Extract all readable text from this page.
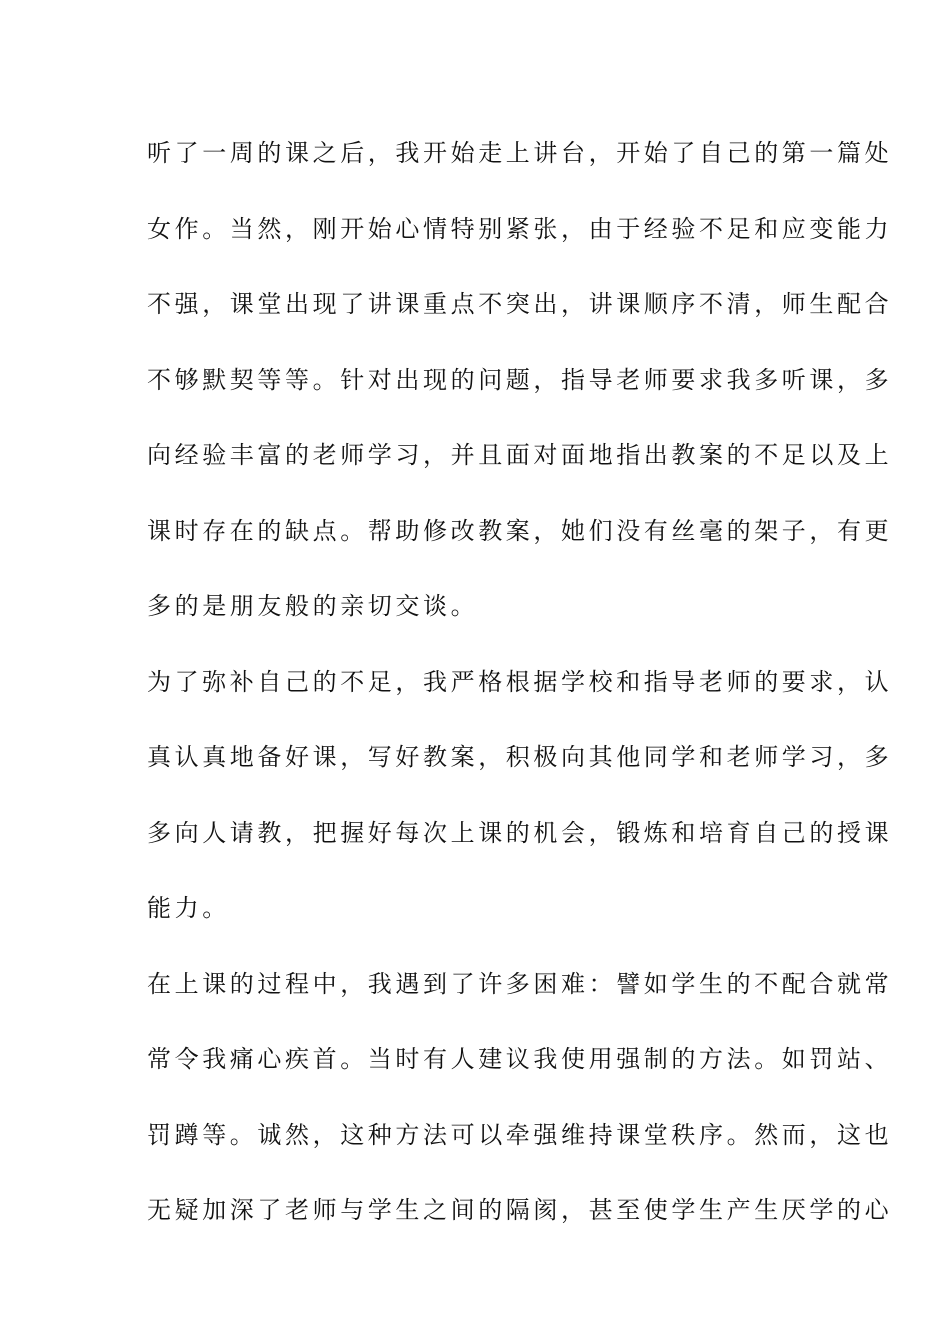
听了一周的课之后，我开始走上讲台，开始了自己的第一篇处
女作。当然，刚开始心情特别紧张，由于经验不足和应变能力
不强，课堂出现了讲课重点不突出，讲课顺序不清，师生配合
不够默契等等。针对出现的问题，指导老师要求我多听课，多
向经验丰富的老师学习，并且面对面地指出教案的不足以及上
课时存在的缺点。帮助修改教案，她们没有丝毫的架子，有更
多的是朋友般的亲切交谈。
为了弥补自己的不足，我严格根据学校和指导老师的要求，认
真认真地备好课，写好教案，积极向其他同学和老师学习，多
多向人请教，把握好每次上课的机会，锻炼和培育自己的授课
能力。
在上课的过程中，我遇到了许多困难：譬如学生的不配合就常
常令我痛心疾首。当时有人建议我使用强制的方法。如罚站、
罚蹲等。诚然，这种方法可以牵强维持课堂秩序。然而，这也
无疑加深了老师与学生之间的隔阂，甚至使学生产生厌学的心
